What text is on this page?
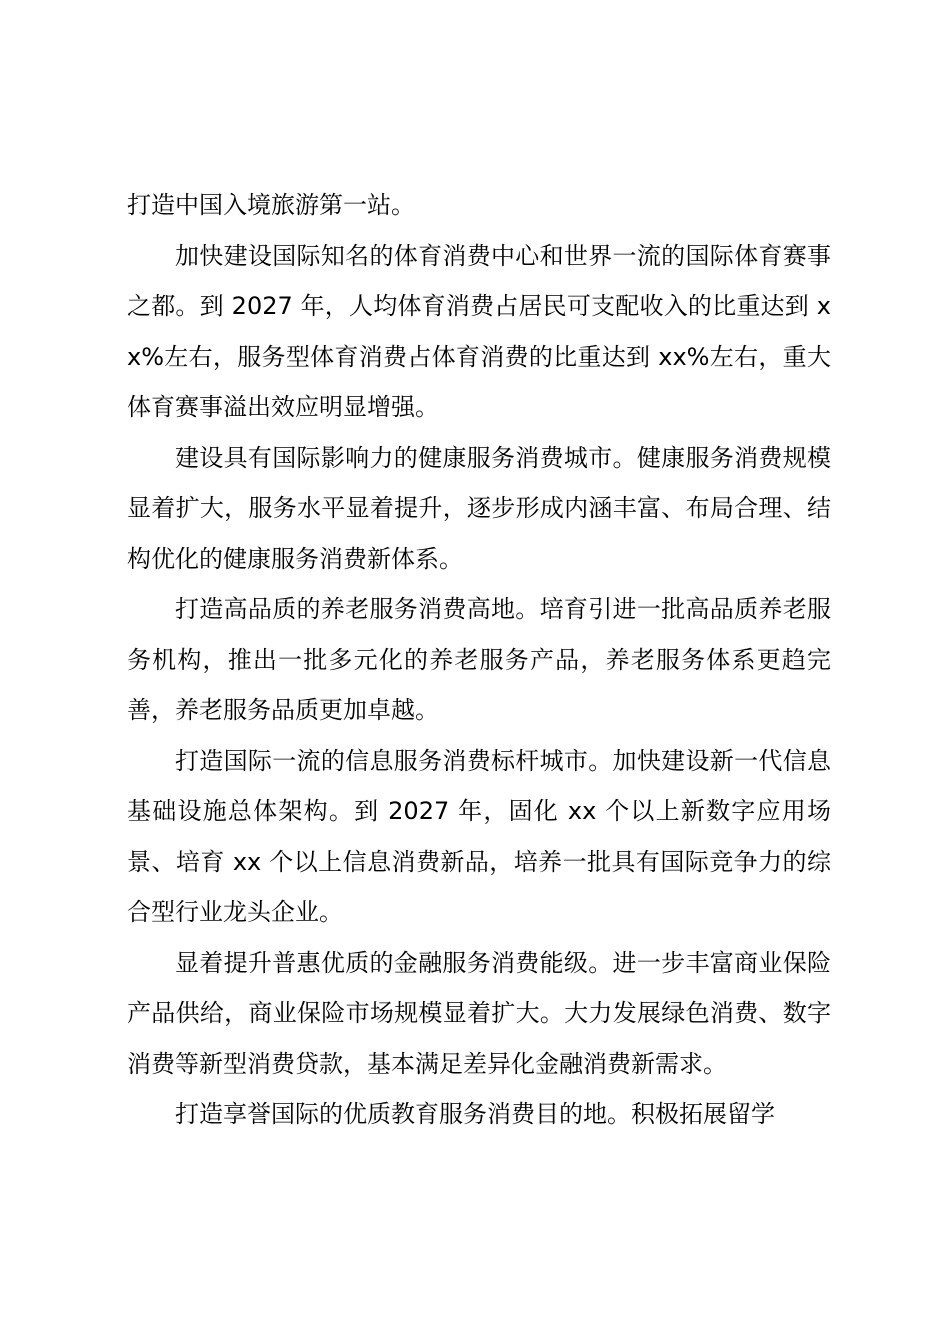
打造中国入境旅游第一站。

加快建设国际知名的体育消费中心和世界一流的国际体育赛事之都。到 2027 年，人均体育消费占居民可支配收入的比重达到 xx%左右，服务型体育消费占体育消费的比重达到 xx%左右，重大体育赛事溢出效应明显增强。

建设具有国际影响力的健康服务消费城市。健康服务消费规模显着扩大，服务水平显着提升，逐步形成内涵丰富、布局合理、结构优化的健康服务消费新体系。

打造高品质的养老服务消费高地。培育引进一批高品质养老服务机构，推出一批多元化的养老服务产品，养老服务体系更趋完善，养老服务品质更加卓越。

打造国际一流的信息服务消费标杆城市。加快建设新一代信息基础设施总体架构。到 2027 年，固化 xx 个以上新数字应用场景、培育 xx 个以上信息消费新品，培养一批具有国际竞争力的综合型行业龙头企业。

显着提升普惠优质的金融服务消费能级。进一步丰富商业保险产品供给，商业保险市场规模显着扩大。大力发展绿色消费、数字消费等新型消费贷款，基本满足差异化金融消费新需求。

打造享誉国际的优质教育服务消费目的地。积极拓展留学
